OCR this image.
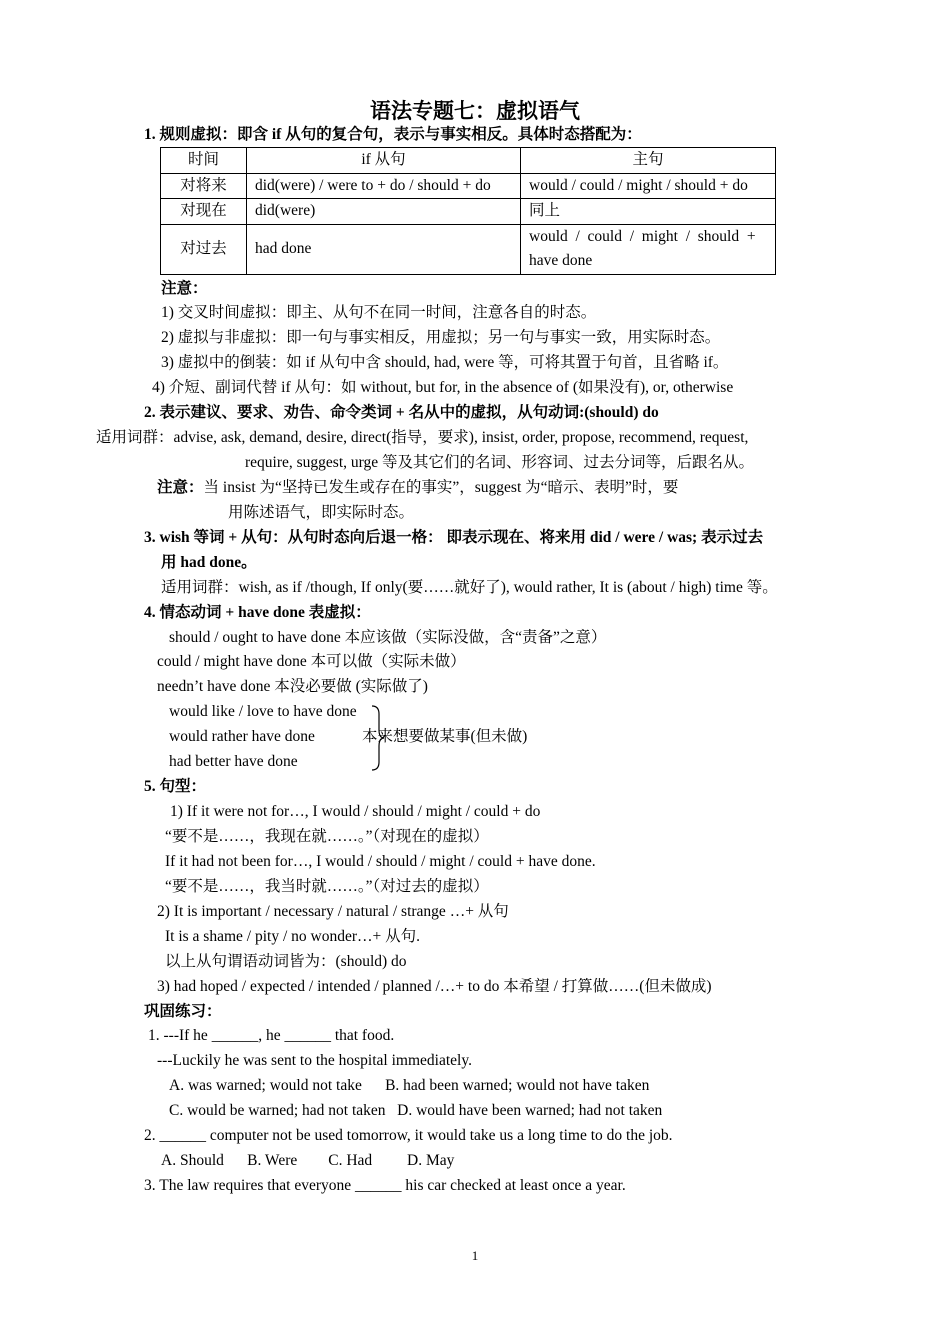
语法专题七：虚拟语气
1. 规则虚拟：即含 if 从句的复合句，表示与事实相反。具体时态搭配为：
时间	if 从句	主句
对将来	did(were) / were to + do / should + do	would / could / might / should + do
对现在	did(were)	同上
对过去	had done	would  /  could  /  might  /  should  +
have done
注意：
1) 交叉时间虚拟：即主、从句不在同一时间，注意各自的时态。
2) 虚拟与非虚拟：即一句与事实相反，用虚拟；另一句与事实一致，用实际时态。
3) 虚拟中的倒装：如 if 从句中含 should, had, were 等，可将其置于句首，且省略 if。
4) 介短、副词代替 if 从句：如 without, but for, in the absence of (如果没有), or, otherwise
2. 表示建议、要求、劝告、命令类词 + 名从中的虚拟，从句动词:(should) do
适用词群：advise, ask, demand, desire, direct(指导，要求), insist, order, propose, recommend, request,
require, suggest, urge 等及其它们的名词、形容词、过去分词等，后跟名从。
注意：当 insist 为“坚持已发生或存在的事实”，suggest 为“暗示、表明”时，要
用陈述语气，即实际时态。
3. wish 等词 + 从句：从句时态向后退一格： 即表示现在、将来用 did / were / was; 表示过去
用 had done。
适用词群：wish, as if /though, If only(要……就好了), would rather, It is (about / high) time 等。
4. 情态动词 + have done 表虚拟：
should / ought to have done 本应该做（实际没做，含“责备”之意）
could / might have done 本可以做（实际未做）
needn’t have done 本没必要做 (实际做了)
would like / love to have done
would rather have done	本来想要做某事(但未做)
had better have done
5. 句型：
1) If it were not for…, I would / should / might / could + do
“要不是……，我现在就……。”（对现在的虚拟）
If it had not been for…, I would / should / might / could + have done.
“要不是……，我当时就……。”（对过去的虚拟）
2) It is important / necessary / natural / strange …+ 从句
It is a shame / pity / no wonder…+ 从句.
以上从句谓语动词皆为：(should) do
3) had hoped / expected / intended / planned /…+ to do 本希望 / 打算做……(但未做成)
巩固练习：
1. ---If he ______, he ______ that food.
---Luckily he was sent to the hospital immediately.
A. was warned; would not take      B. had been warned; would not have taken
C. would be warned; had not taken   D. would have been warned; had not taken
2. ______ computer not be used tomorrow, it would take us a long time to do the job.
A. Should      B. Were        C. Had         D. May
3. The law requires that everyone ______ his car checked at least once a year.
1
